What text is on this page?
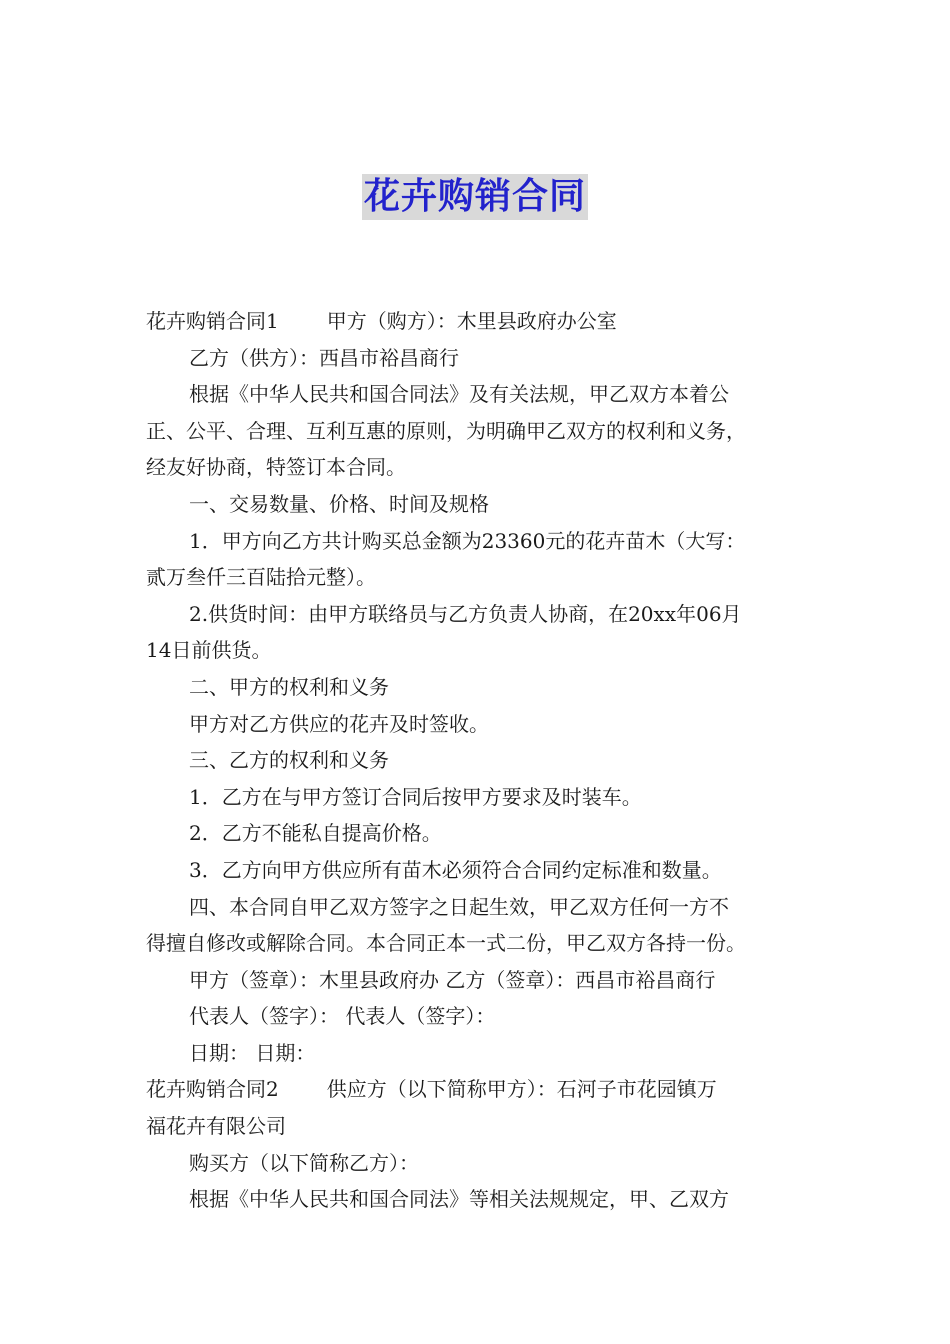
花卉购销合同
花卉购销合同1 甲方（购方）：木里县政府办公室
乙方（供方）：西昌市裕昌商行
根据《中华人民共和国合同法》及有关法规，甲乙双方本着公
正、公平、合理、互利互惠的原则，为明确甲乙双方的权利和义务，
经友好协商，特签订本合同。
一、交易数量、价格、时间及规格
1．甲方向乙方共计购买总金额为23360元的花卉苗木（大写：
贰万叁仟三百陆拾元整）。
2.供货时间：由甲方联络员与乙方负责人协商，在20xx年06月
14日前供货。
二、甲方的权利和义务
甲方对乙方供应的花卉及时签收。
三、乙方的权利和义务
1．乙方在与甲方签订合同后按甲方要求及时装车。
2．乙方不能私自提高价格。
3．乙方向甲方供应所有苗木必须符合合同约定标准和数量。
四、本合同自甲乙双方签字之日起生效，甲乙双方任何一方不
得擅自修改或解除合同。本合同正本一式二份，甲乙双方各持一份。
甲方（签章）：木里县政府办 乙方（签章）：西昌市裕昌商行
代表人（签字）： 代表人（签字）：
日期： 日期：
花卉购销合同2 供应方（以下简称甲方）：石河子市花园镇万
福花卉有限公司
购买方（以下简称乙方）：
根据《中华人民共和国合同法》等相关法规规定，甲、乙双方
